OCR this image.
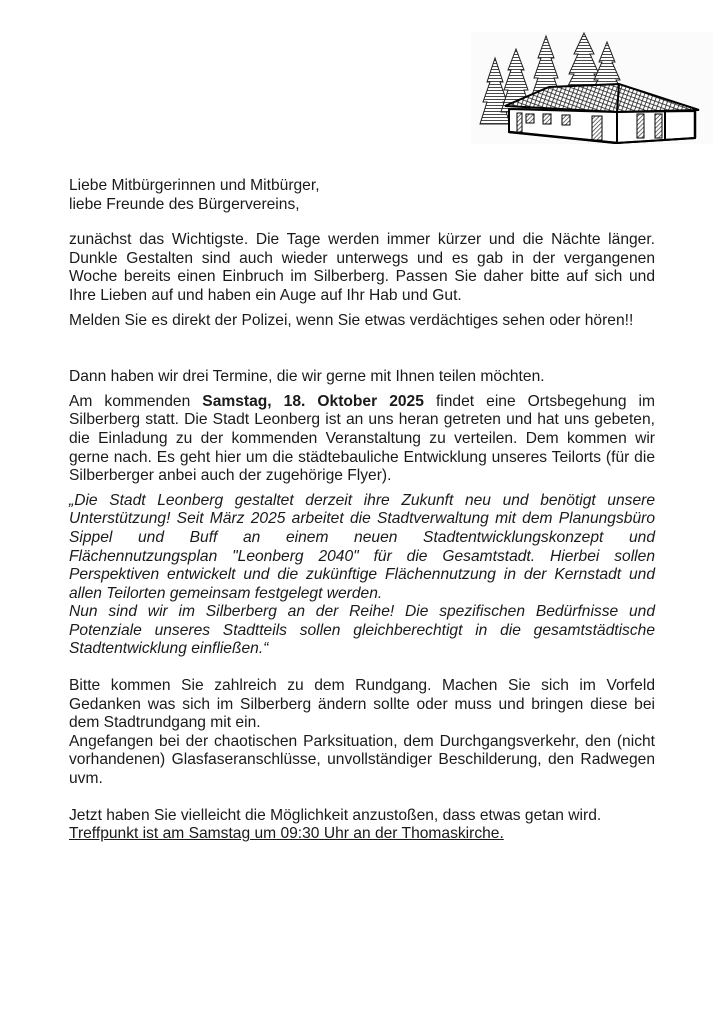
Liebe Mitbürgerinnen und Mitbürger,
liebe Freunde des Bürgervereins,

zunächst das Wichtigste. Die Tage werden immer kürzer und die Nächte länger. Dunkle Gestalten sind auch wieder unterwegs und es gab in der vergangenen Woche bereits einen Einbruch im Silberberg. Passen Sie daher bitte auf sich und Ihre Lieben auf und haben ein Auge auf Ihr Hab und Gut.

Melden Sie es direkt der Polizei, wenn Sie etwas verdächtiges sehen oder hören!!

Dann haben wir drei Termine, die wir gerne mit Ihnen teilen möchten.

Am kommenden Samstag, 18. Oktober 2025 findet eine Ortsbegehung im Silberberg statt. Die Stadt Leonberg ist an uns heran getreten und hat uns gebeten, die Einladung zu der kommenden Veranstaltung zu verteilen. Dem kommen wir gerne nach. Es geht hier um die städtebauliche Entwicklung unseres Teilorts (für die Silberberger anbei auch der zugehörige Flyer).

„Die Stadt Leonberg gestaltet derzeit ihre Zukunft neu und benötigt unsere Unterstützung! Seit März 2025 arbeitet die Stadtverwaltung mit dem Planungsbüro Sippel und Buff an einem neuen Stadtentwicklungskonzept und Flächennutzungsplan "Leonberg 2040" für die Gesamtstadt. Hierbei sollen Perspektiven entwickelt und die zukünftige Flächennutzung in der Kernstadt und allen Teilorten gemeinsam festgelegt werden.

Nun sind wir im Silberberg an der Reihe! Die spezifischen Bedürfnisse und Potenziale unseres Stadtteils sollen gleichberechtigt in die gesamtstädtische Stadtentwicklung einfließen.“

Bitte kommen Sie zahlreich zu dem Rundgang. Machen Sie sich im Vorfeld Gedanken was sich im Silberberg ändern sollte oder muss und bringen diese bei dem Stadtrundgang mit ein.

Angefangen bei der chaotischen Parksituation, dem Durchgangsverkehr, den (nicht vorhandenen) Glasfaseranschlüsse, unvollständiger Beschilderung, den Radwegen uvm.

Jetzt haben Sie vielleicht die Möglichkeit anzustoßen, dass etwas getan wird.
Treffpunkt ist am Samstag um 09:30 Uhr an der Thomaskirche.
